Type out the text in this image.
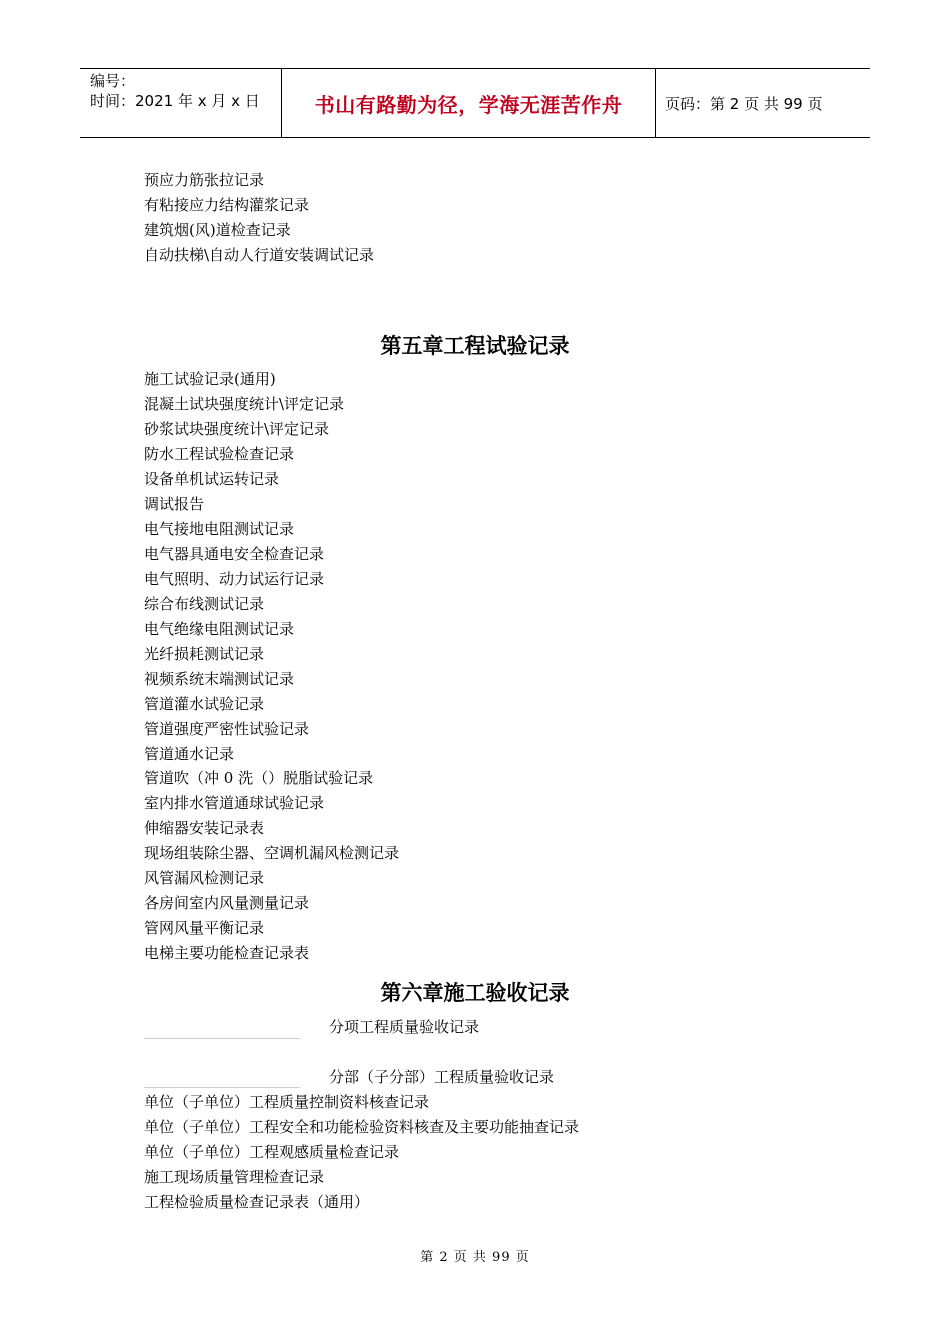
编号：
时间：2021 年 x 月 x 日	书山有路勤为径，学海无涯苦作舟	页码：第 2 页 共 99 页
预应力筋张拉记录
有粘接应力结构灌浆记录
建筑烟(风)道检查记录
自动扶梯\自动人行道安装调试记录
第五章工程试验记录
施工试验记录(通用)
混凝土试块强度统计\评定记录
砂浆试块强度统计\评定记录
防水工程试验检查记录
设备单机试运转记录
调试报告
电气接地电阻测试记录
电气器具通电安全检查记录
电气照明、动力试运行记录
综合布线测试记录
电气绝缘电阻测试记录
光纤损耗测试记录
视频系统末端测试记录
管道灌水试验记录
管道强度严密性试验记录
管道通水记录
管道吹（冲 0 洗（）脱脂试验记录
室内排水管道通球试验记录
伸缩器安装记录表
现场组装除尘器、空调机漏风检测记录
风管漏风检测记录
各房间室内风量测量记录
管网风量平衡记录
电梯主要功能检查记录表
第六章施工验收记录
分项工程质量验收记录
分部（子分部）工程质量验收记录
单位（子单位）工程质量控制资料核查记录
单位（子单位）工程安全和功能检验资料核查及主要功能抽查记录
单位（子单位）工程观感质量检查记录
施工现场质量管理检查记录
工程检验质量检查记录表（通用）
第 2 页 共 99 页
